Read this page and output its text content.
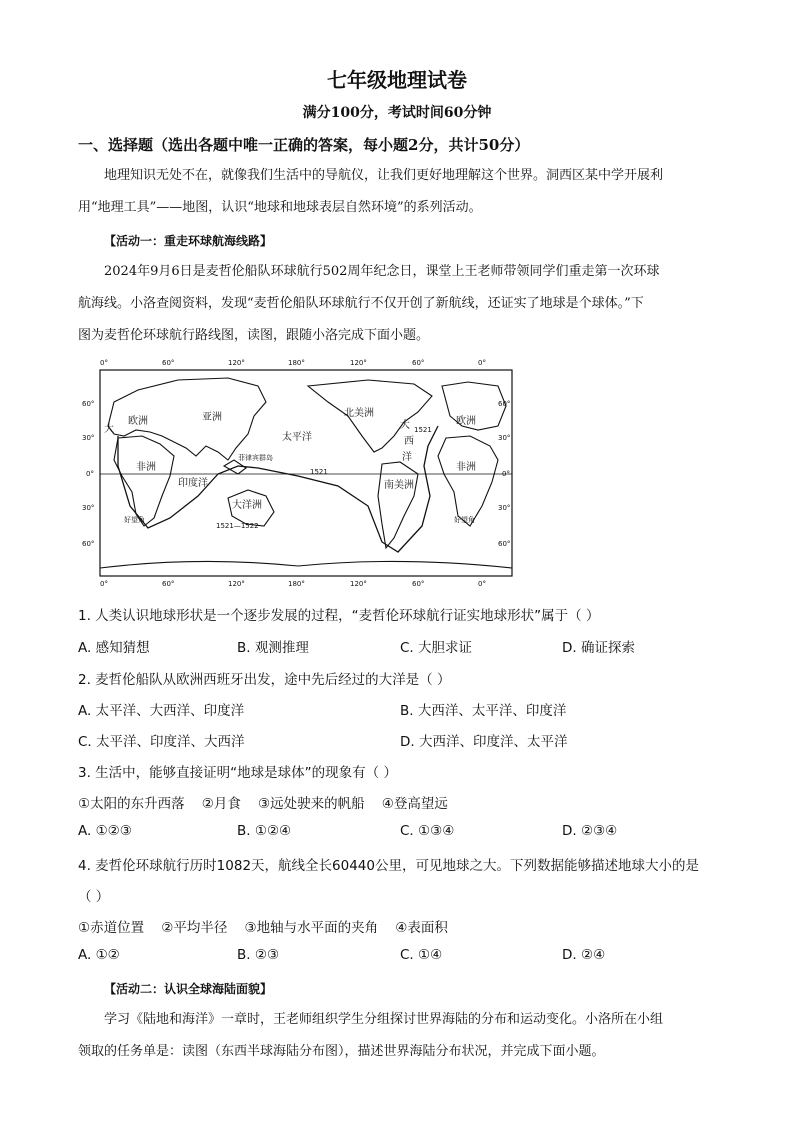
七年级地理试卷
满分100分，考试时间60分钟
一、选择题（选出各题中唯一正确的答案，每小题2分，共计50分）
地理知识无处不在，就像我们生活中的导航仪，让我们更好地理解这个世界。洞西区某中学开展利
用“地理工具”——地图，认识“地球和地球表层自然环境”的系列活动。
【活动一：重走环球航海线路】
2024年9月6日是麦哲伦船队环球航行502周年纪念日，课堂上王老师带领同学们重走第一次环球
航海线。小洛查阅资料，发现“麦哲伦船队环球航行不仅开创了新航线，还证实了地球是个球体。”下
图为麦哲伦环球航行路线图，读图，跟随小洛完成下面小题。
0°	60°	120°	180°	120°	60°	0°
0°	60°	120°	180°	120°	60°	0°
60°
30°
0°
30°
60°
60°
30°
0°
30°
60°
欧洲	亚洲
非洲
印度洋
大洋洲
太平洋
北美洲
大
西
洋
南美洲
欧洲
非洲
大
好望角	好望角
菲律宾群岛
1521
1521
1521—1522
1. 人类认识地球形状是一个逐步发展的过程，“麦哲伦环球航行证实地球形状”属于（ ）
A. 感知猜想	B. 观测推理	C. 大胆求证	D. 确证探索
2. 麦哲伦船队从欧洲西班牙出发，途中先后经过的大洋是（ ）
A. 太平洋、大西洋、印度洋	B. 大西洋、太平洋、印度洋
C. 太平洋、印度洋、大西洋	D. 大西洋、印度洋、太平洋
3. 生活中，能够直接证明“地球是球体”的现象有（ ）
①太阳的东升西落    ②月食    ③远处驶来的帆船    ④登高望远
A. ①②③	B. ①②④	C. ①③④	D. ②③④
4. 麦哲伦环球航行历时1082天，航线全长60440公里，可见地球之大。下列数据能够描述地球大小的是
（ ）
①赤道位置    ②平均半径    ③地轴与水平面的夹角    ④表面积
A. ①②	B. ②③	C. ①④	D. ②④
【活动二：认识全球海陆面貌】
学习《陆地和海洋》一章时，王老师组织学生分组探讨世界海陆的分布和运动变化。小洛所在小组
领取的任务单是：读图（东西半球海陆分布图），描述世界海陆分布状况，并完成下面小题。
